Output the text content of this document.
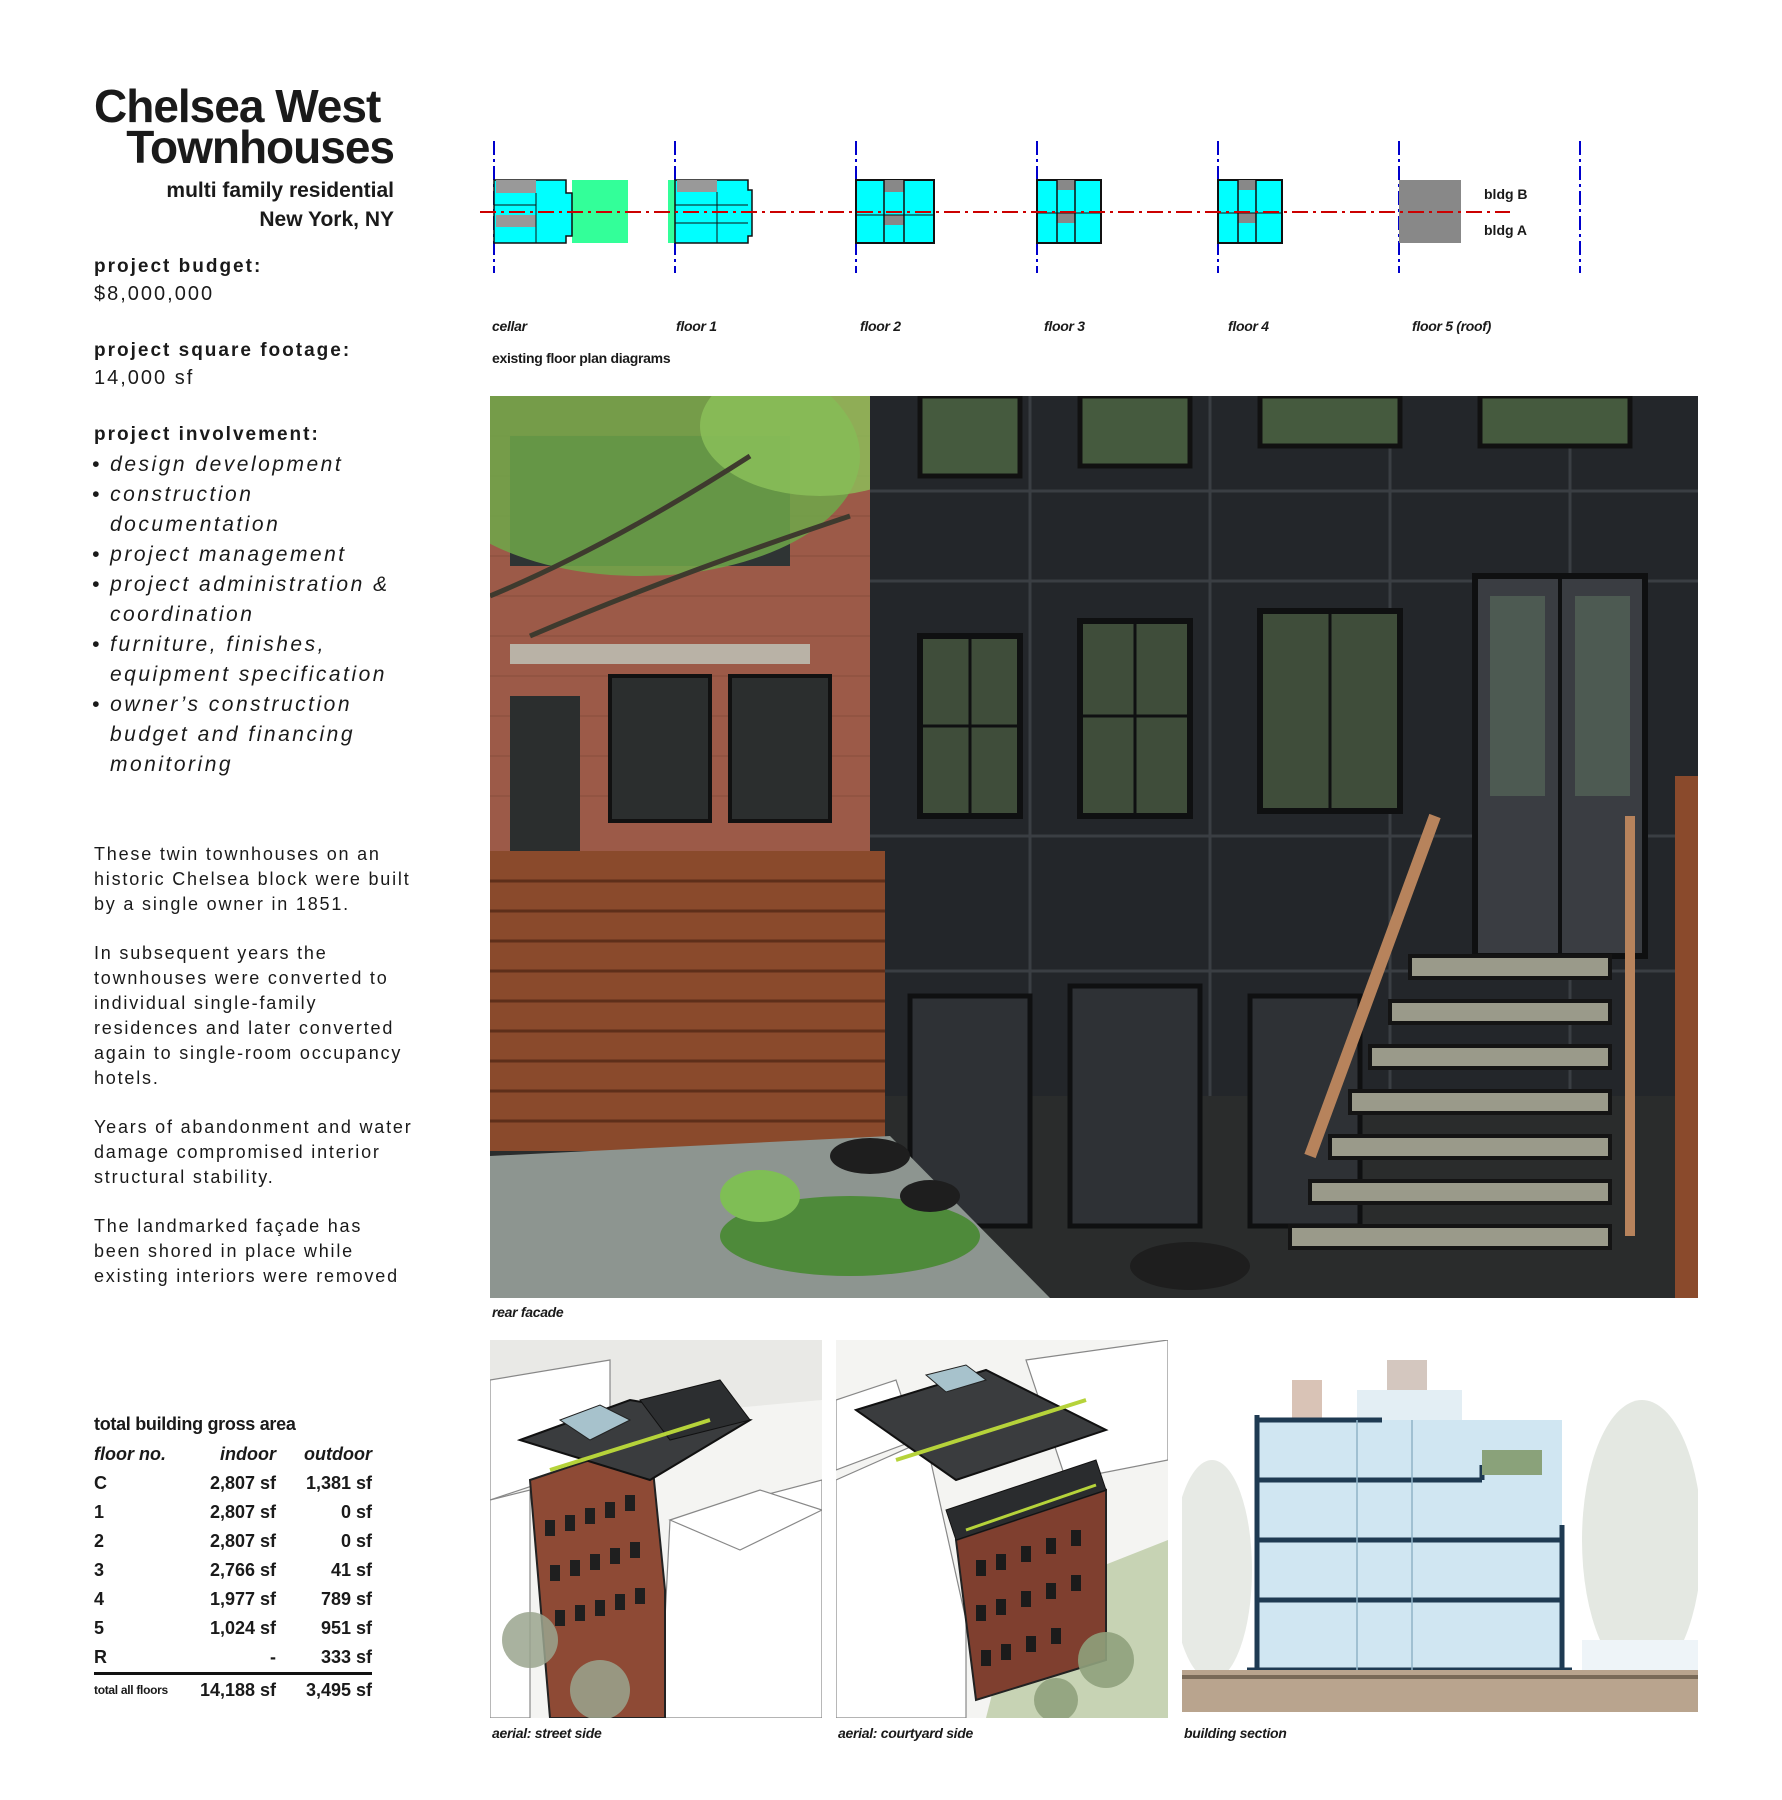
Chelsea West
Townhouses
multi family residential
New York, NY
project budget:
$8,000,000
project square footage:
14,000 sf
project involvement:
• design development
• construction documentation
• project management
• project administration & coordination
• furniture, finishes, equipment specification
• owner’s construction budget and financing monitoring

These twin townhouses on an historic Chelsea block were built by a single owner in 1851.

In subsequent years the townhouses were converted to individual single-family residences and later converted again to single-room occupancy hotels.

Years of abandonment and water damage compromised interior structural stability.

The landmarked façade has been shored in place while existing interiors were removed

total building gross area
floor no.	indoor	outdoor
C	2,807 sf	1,381 sf
1	2,807 sf	0 sf
2	2,807 sf	0 sf
3	2,766 sf	41 sf
4	1,977 sf	789 sf
5	1,024 sf	951 sf
R	-	333 sf
total all floors	14,188 sf	3,495 sf
bldg B
bldg A
cellar	floor 1	floor 2	floor 3	floor 4	floor 5 (roof)
existing floor plan diagrams
rear facade
aerial: street side	aerial: courtyard side	building section
